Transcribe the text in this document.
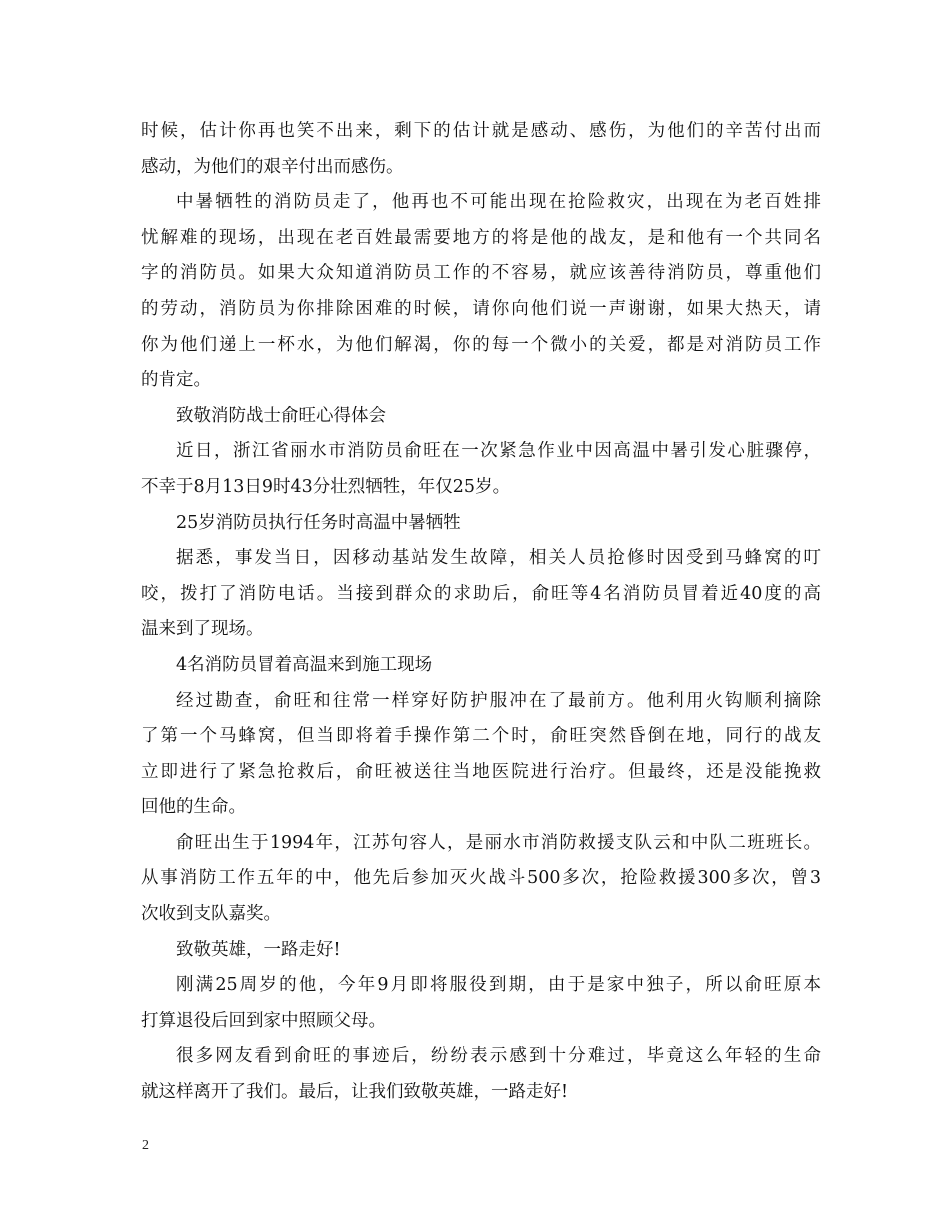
时候，估计你再也笑不出来，剩下的估计就是感动、感伤，为他们的辛苦付出而
感动，为他们的艰辛付出而感伤。
中暑牺牲的消防员走了，他再也不可能出现在抢险救灾，出现在为老百姓排
忧解难的现场，出现在老百姓最需要地方的将是他的战友，是和他有一个共同名
字的消防员。如果大众知道消防员工作的不容易，就应该善待消防员，尊重他们
的劳动，消防员为你排除困难的时候，请你向他们说一声谢谢，如果大热天，请
你为他们递上一杯水，为他们解渴，你的每一个微小的关爱，都是对消防员工作
的肯定。
致敬消防战士俞旺心得体会
近日，浙江省丽水市消防员俞旺在一次紧急作业中因高温中暑引发心脏骤停，
不幸于8月13日9时43分壮烈牺牲，年仅25岁。
25岁消防员执行任务时高温中暑牺牲
据悉，事发当日，因移动基站发生故障，相关人员抢修时因受到马蜂窝的叮
咬，拨打了消防电话。当接到群众的求助后，俞旺等4名消防员冒着近40度的高
温来到了现场。
4名消防员冒着高温来到施工现场
经过勘查，俞旺和往常一样穿好防护服冲在了最前方。他利用火钩顺利摘除
了第一个马蜂窝，但当即将着手操作第二个时，俞旺突然昏倒在地，同行的战友
立即进行了紧急抢救后，俞旺被送往当地医院进行治疗。但最终，还是没能挽救
回他的生命。
俞旺出生于1994年，江苏句容人，是丽水市消防救援支队云和中队二班班长。
从事消防工作五年的中，他先后参加灭火战斗500多次，抢险救援300多次，曾3
次收到支队嘉奖。
致敬英雄，一路走好!
刚满25周岁的他，今年9月即将服役到期，由于是家中独子，所以俞旺原本
打算退役后回到家中照顾父母。
很多网友看到俞旺的事迹后，纷纷表示感到十分难过，毕竟这么年轻的生命
就这样离开了我们。最后，让我们致敬英雄，一路走好!
2
